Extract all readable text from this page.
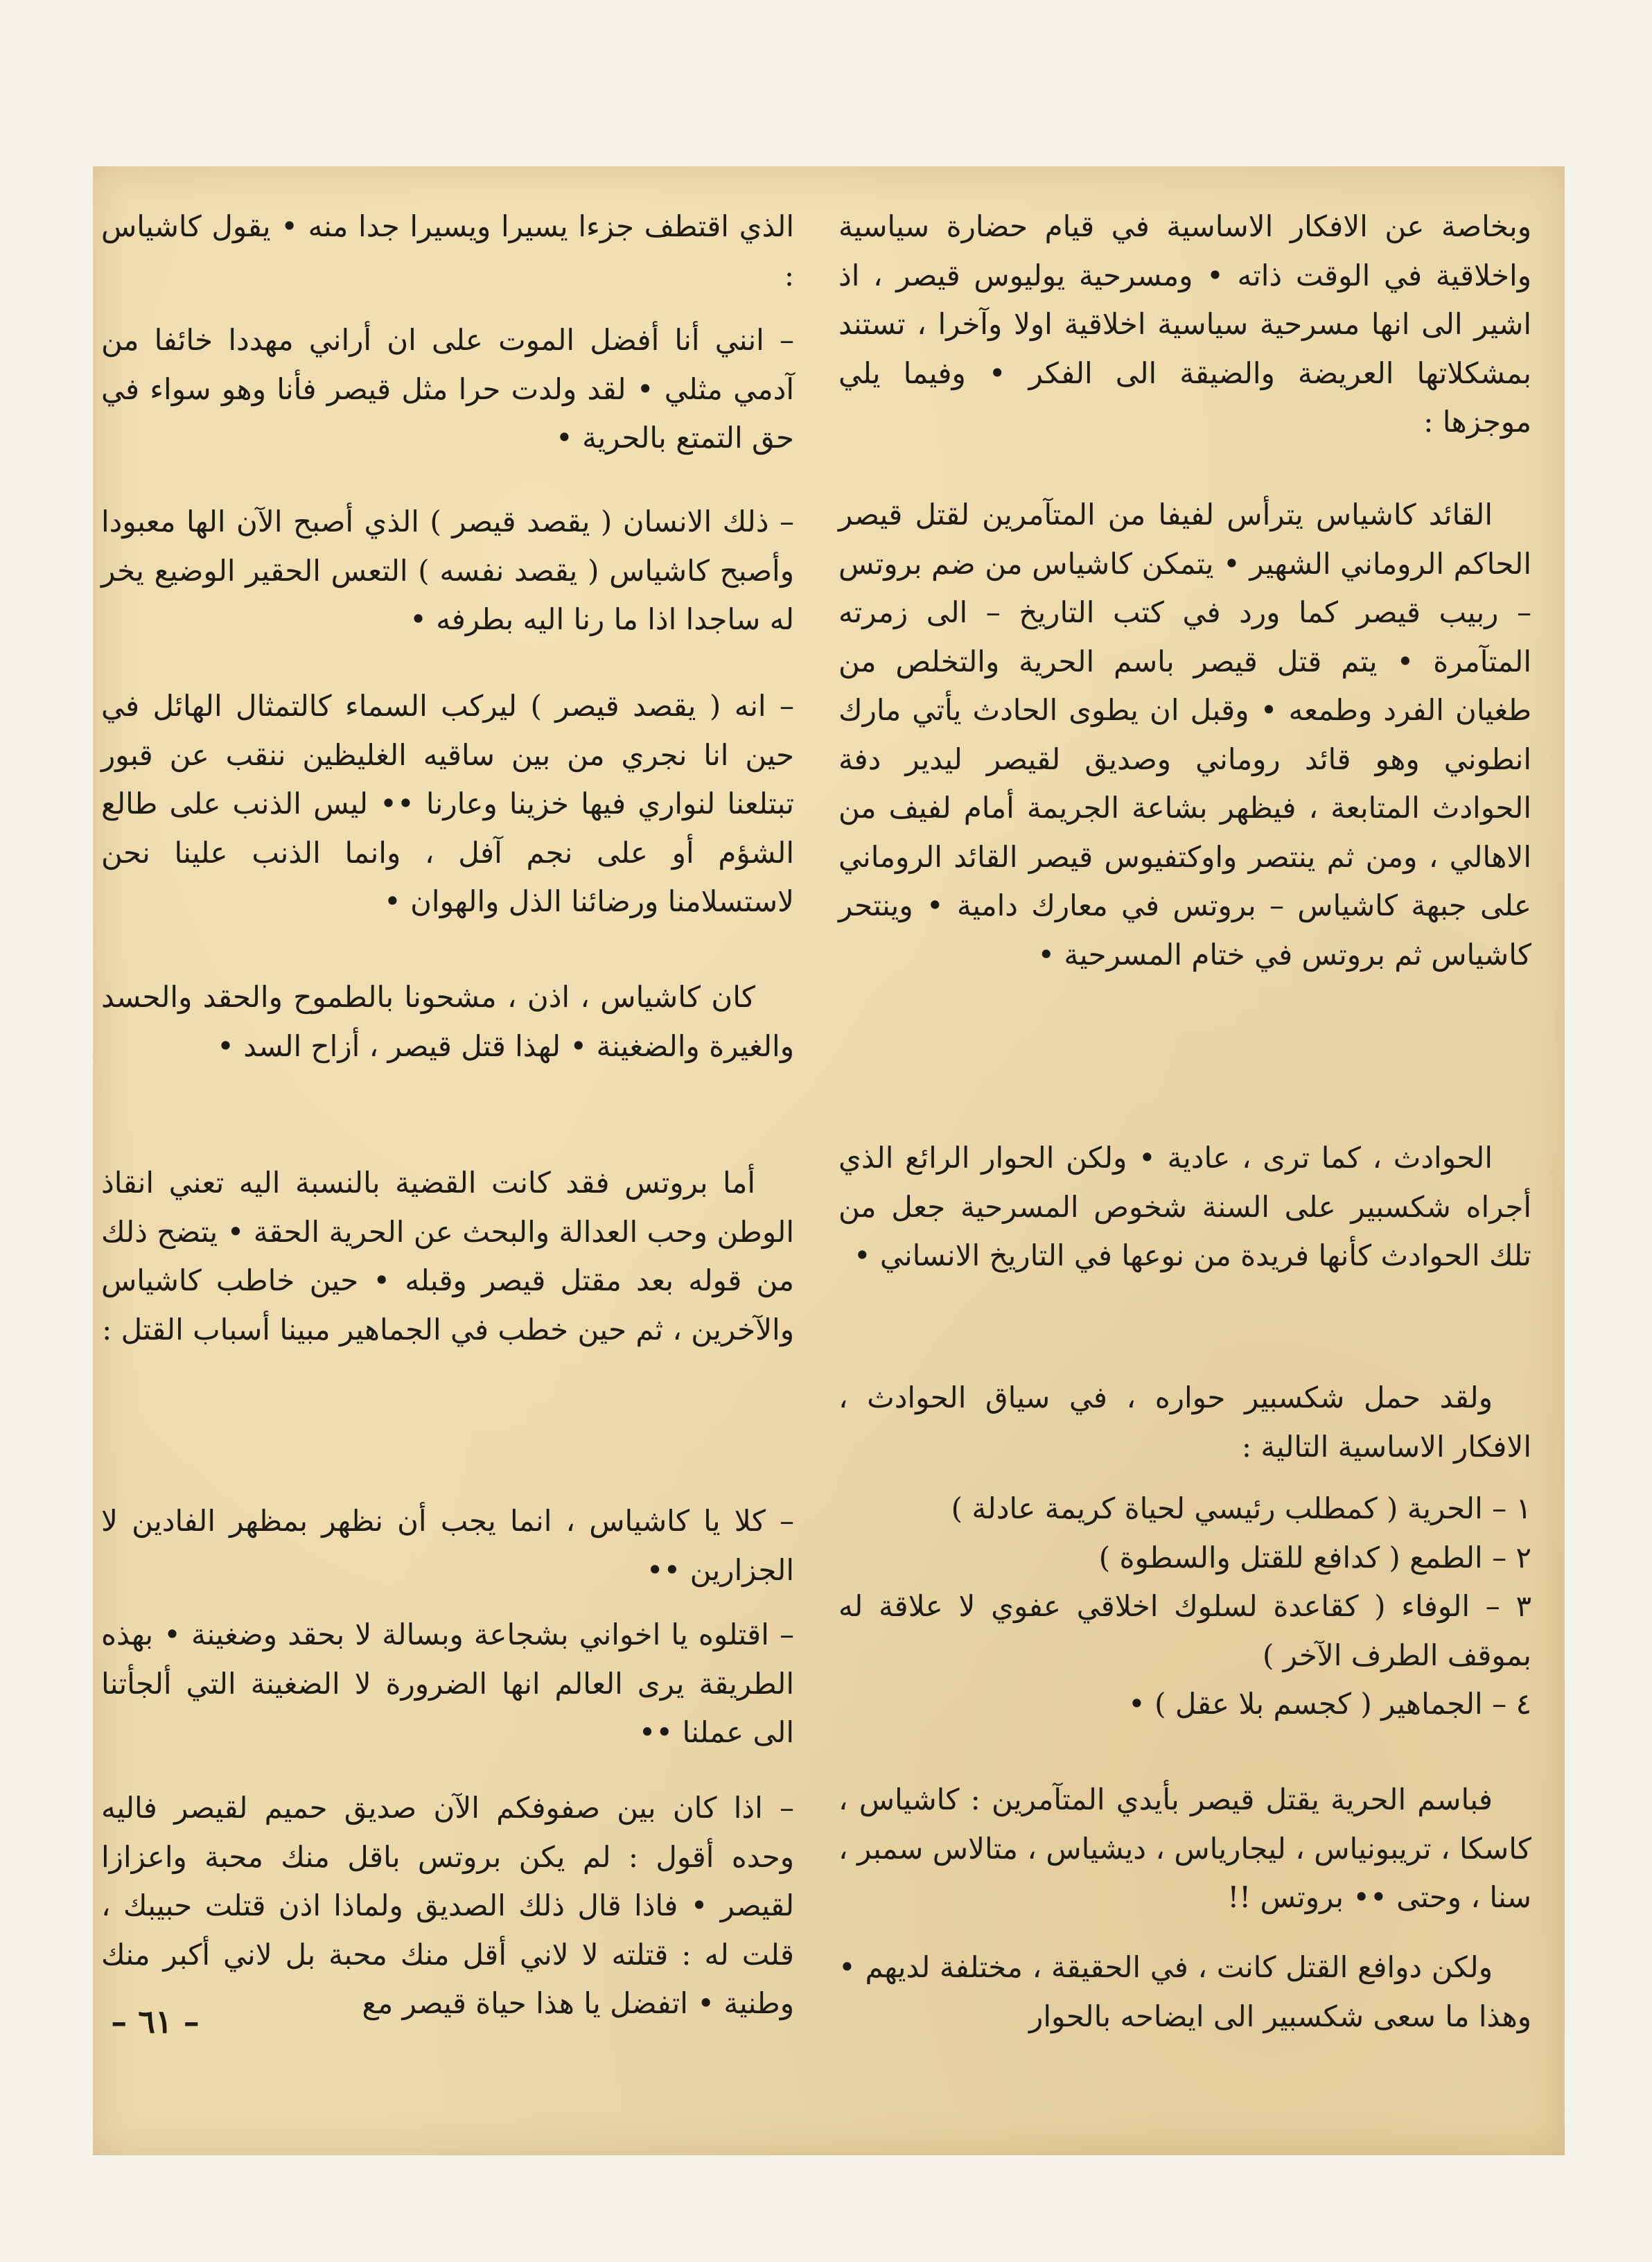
وبخاصة عن الافكار الاساسية في قيام حضارة سياسية واخلاقية في الوقت ذاته • ومسرحية يوليوس قيصر ، اذ اشير الى انها مسرحية سياسية اخلاقية اولا وآخرا ، تستند بمشكلاتها العريضة والضيقة الى الفكر • وفيما يلي موجزها :

القائد كاشياس يترأس لفيفا من المتآمرين لقتل قيصر الحاكم الروماني الشهير • يتمكن كاشياس من ضم بروتس – ربيب قيصر كما ورد في كتب التاريخ – الى زمرته المتآمرة • يتم قتل قيصر باسم الحرية والتخلص من طغيان الفرد وطمعه • وقبل ان يطوى الحادث يأتي مارك انطوني وهو قائد روماني وصديق لقيصر ليدير دفة الحوادث المتابعة ، فيظهر بشاعة الجريمة أمام لفيف من الاهالي ، ومن ثم ينتصر واوكتفيوس قيصر القائد الروماني على جبهة كاشياس – بروتس في معارك دامية • وينتحر كاشياس ثم بروتس في ختام المسرحية •

الحوادث ، كما ترى ، عادية • ولكن الحوار الرائع الذي أجراه شكسبير على السنة شخوص المسرحية جعل من تلك الحوادث كأنها فريدة من نوعها في التاريخ الانساني •

ولقد حمل شكسبير حواره ، في سياق الحوادث ، الافكار الاساسية التالية :

١ – الحرية ( كمطلب رئيسي لحياة كريمة عادلة )
٢ – الطمع ( كدافع للقتل والسطوة )
٣ – الوفاء ( كقاعدة لسلوك اخلاقي عفوي لا علاقة له بموقف الطرف الآخر )
٤ – الجماهير ( كجسم بلا عقل ) •

فباسم الحرية يقتل قيصر بأيدي المتآمرين : كاشياس ، كاسكا ، تريبونياس ، ليجارياس ، ديشياس ، متالاس سمبر ، سنا ، وحتى •• بروتس !!

ولكن دوافع القتل كانت ، في الحقيقة ، مختلفة لديهم • وهذا ما سعى شكسبير الى ايضاحه بالحوار

الذي اقتطف جزءا يسيرا ويسيرا جدا منه • يقول كاشياس :

– انني أنا أفضل الموت على ان أراني مهددا خائفا من آدمي مثلي • لقد ولدت حرا مثل قيصر فأنا وهو سواء في حق التمتع بالحرية •

– ذلك الانسان ( يقصد قيصر ) الذي أصبح الآن الها معبودا وأصبح كاشياس ( يقصد نفسه ) التعس الحقير الوضيع يخر له ساجدا اذا ما رنا اليه بطرفه •

– انه ( يقصد قيصر ) ليركب السماء كالتمثال الهائل في حين انا نجري من بين ساقيه الغليظين ننقب عن قبور تبتلعنا لنواري فيها خزينا وعارنا •• ليس الذنب على طالع الشؤم أو على نجم آفل ، وانما الذنب علينا نحن لاستسلامنا ورضائنا الذل والهوان •

كان كاشياس ، اذن ، مشحونا بالطموح والحقد والحسد والغيرة والضغينة • لهذا قتل قيصر ، أزاح السد •

أما بروتس فقد كانت القضية بالنسبة اليه تعني انقاذ الوطن وحب العدالة والبحث عن الحرية الحقة • يتضح ذلك من قوله بعد مقتل قيصر وقبله • حين خاطب كاشياس والآخرين ، ثم حين خطب في الجماهير مبينا أسباب القتل :

– كلا يا كاشياس ، انما يجب أن نظهر بمظهر الفادين لا الجزارين ••

– اقتلوه يا اخواني بشجاعة وبسالة لا بحقد وضغينة • بهذه الطريقة يرى العالم انها الضرورة لا الضغينة التي ألجأتنا الى عملنا ••

– اذا كان بين صفوفكم الآن صديق حميم لقيصر فاليه وحده أقول : لم يكن بروتس باقل منك محبة واعزازا لقيصر • فاذا قال ذلك الصديق ولماذا اذن قتلت حبيبك ، قلت له : قتلته لا لاني أقل منك محبة بل لاني أكبر منك وطنية • اتفضل يا هذا حياة قيصر مع

– ٦١ –
